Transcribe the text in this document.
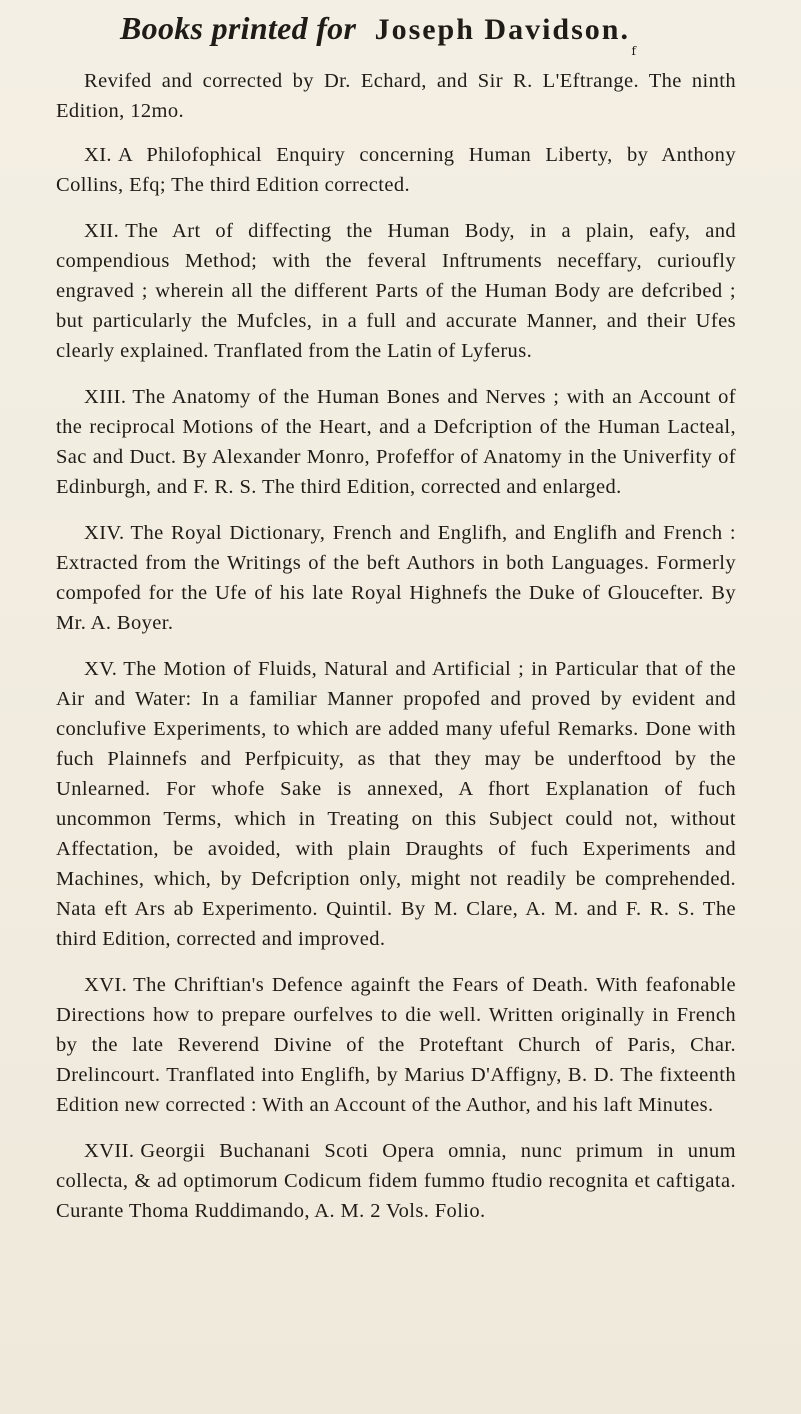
Books printed for Joseph Davidson.
f

Revifed and corrected by Dr. Echard, and Sir R. L'Eftrange. The ninth Edition, 12mo.

XI. A Philofophical Enquiry concerning Human Liberty, by Anthony Collins, Efq; The third Edition corrected.

XII. The Art of diffecting the Human Body, in a plain, eafy, and compendious Method; with the feveral Inftruments neceffary, curioufly engraved ; wherein all the different Parts of the Human Body are defcribed ; but particularly the Mufcles, in a full and accurate Manner, and their Ufes clearly explained. Tranflated from the Latin of Lyferus.

XIII. The Anatomy of the Human Bones and Nerves ; with an Account of the reciprocal Motions of the Heart, and a Defcription of the Human Lacteal, Sac and Duct. By Alexander Monro, Profeffor of Anatomy in the Univerfity of Edinburgh, and F. R. S. The third Edition, corrected and enlarged.

XIV. The Royal Dictionary, French and Englifh, and Englifh and French : Extracted from the Writings of the beft Authors in both Languages. Formerly compofed for the Ufe of his late Royal Highnefs the Duke of Gloucefter. By Mr. A. Boyer.

XV. The Motion of Fluids, Natural and Artificial ; in Particular that of the Air and Water: In a familiar Manner propofed and proved by evident and conclufive Experiments, to which are added many ufeful Remarks. Done with fuch Plainnefs and Perfpicuity, as that they may be underftood by the Unlearned. For whofe Sake is annexed, A fhort Explanation of fuch uncommon Terms, which in Treating on this Subject could not, without Affectation, be avoided, with plain Draughts of fuch Experiments and Machines, which, by Defcription only, might not readily be comprehended. Nata eft Ars ab Experimento. Quintil. By M. Clare, A. M. and F. R. S. The third Edition, corrected and improved.

XVI. The Chriftian's Defence againft the Fears of Death. With feafonable Directions how to prepare ourfelves to die well. Written originally in French by the late Reverend Divine of the Proteftant Church of Paris, Char. Drelincourt. Tranflated into Englifh, by Marius D'Affigny, B. D. The fixteenth Edition new corrected : With an Account of the Author, and his laft Minutes.

XVII. Georgii Buchanani Scoti Opera omnia, nunc primum in unum collecta, & ad optimorum Codicum fidem fummo ftudio recognita et caftigata. Curante Thoma Ruddimando, A. M. 2 Vols. Folio.
